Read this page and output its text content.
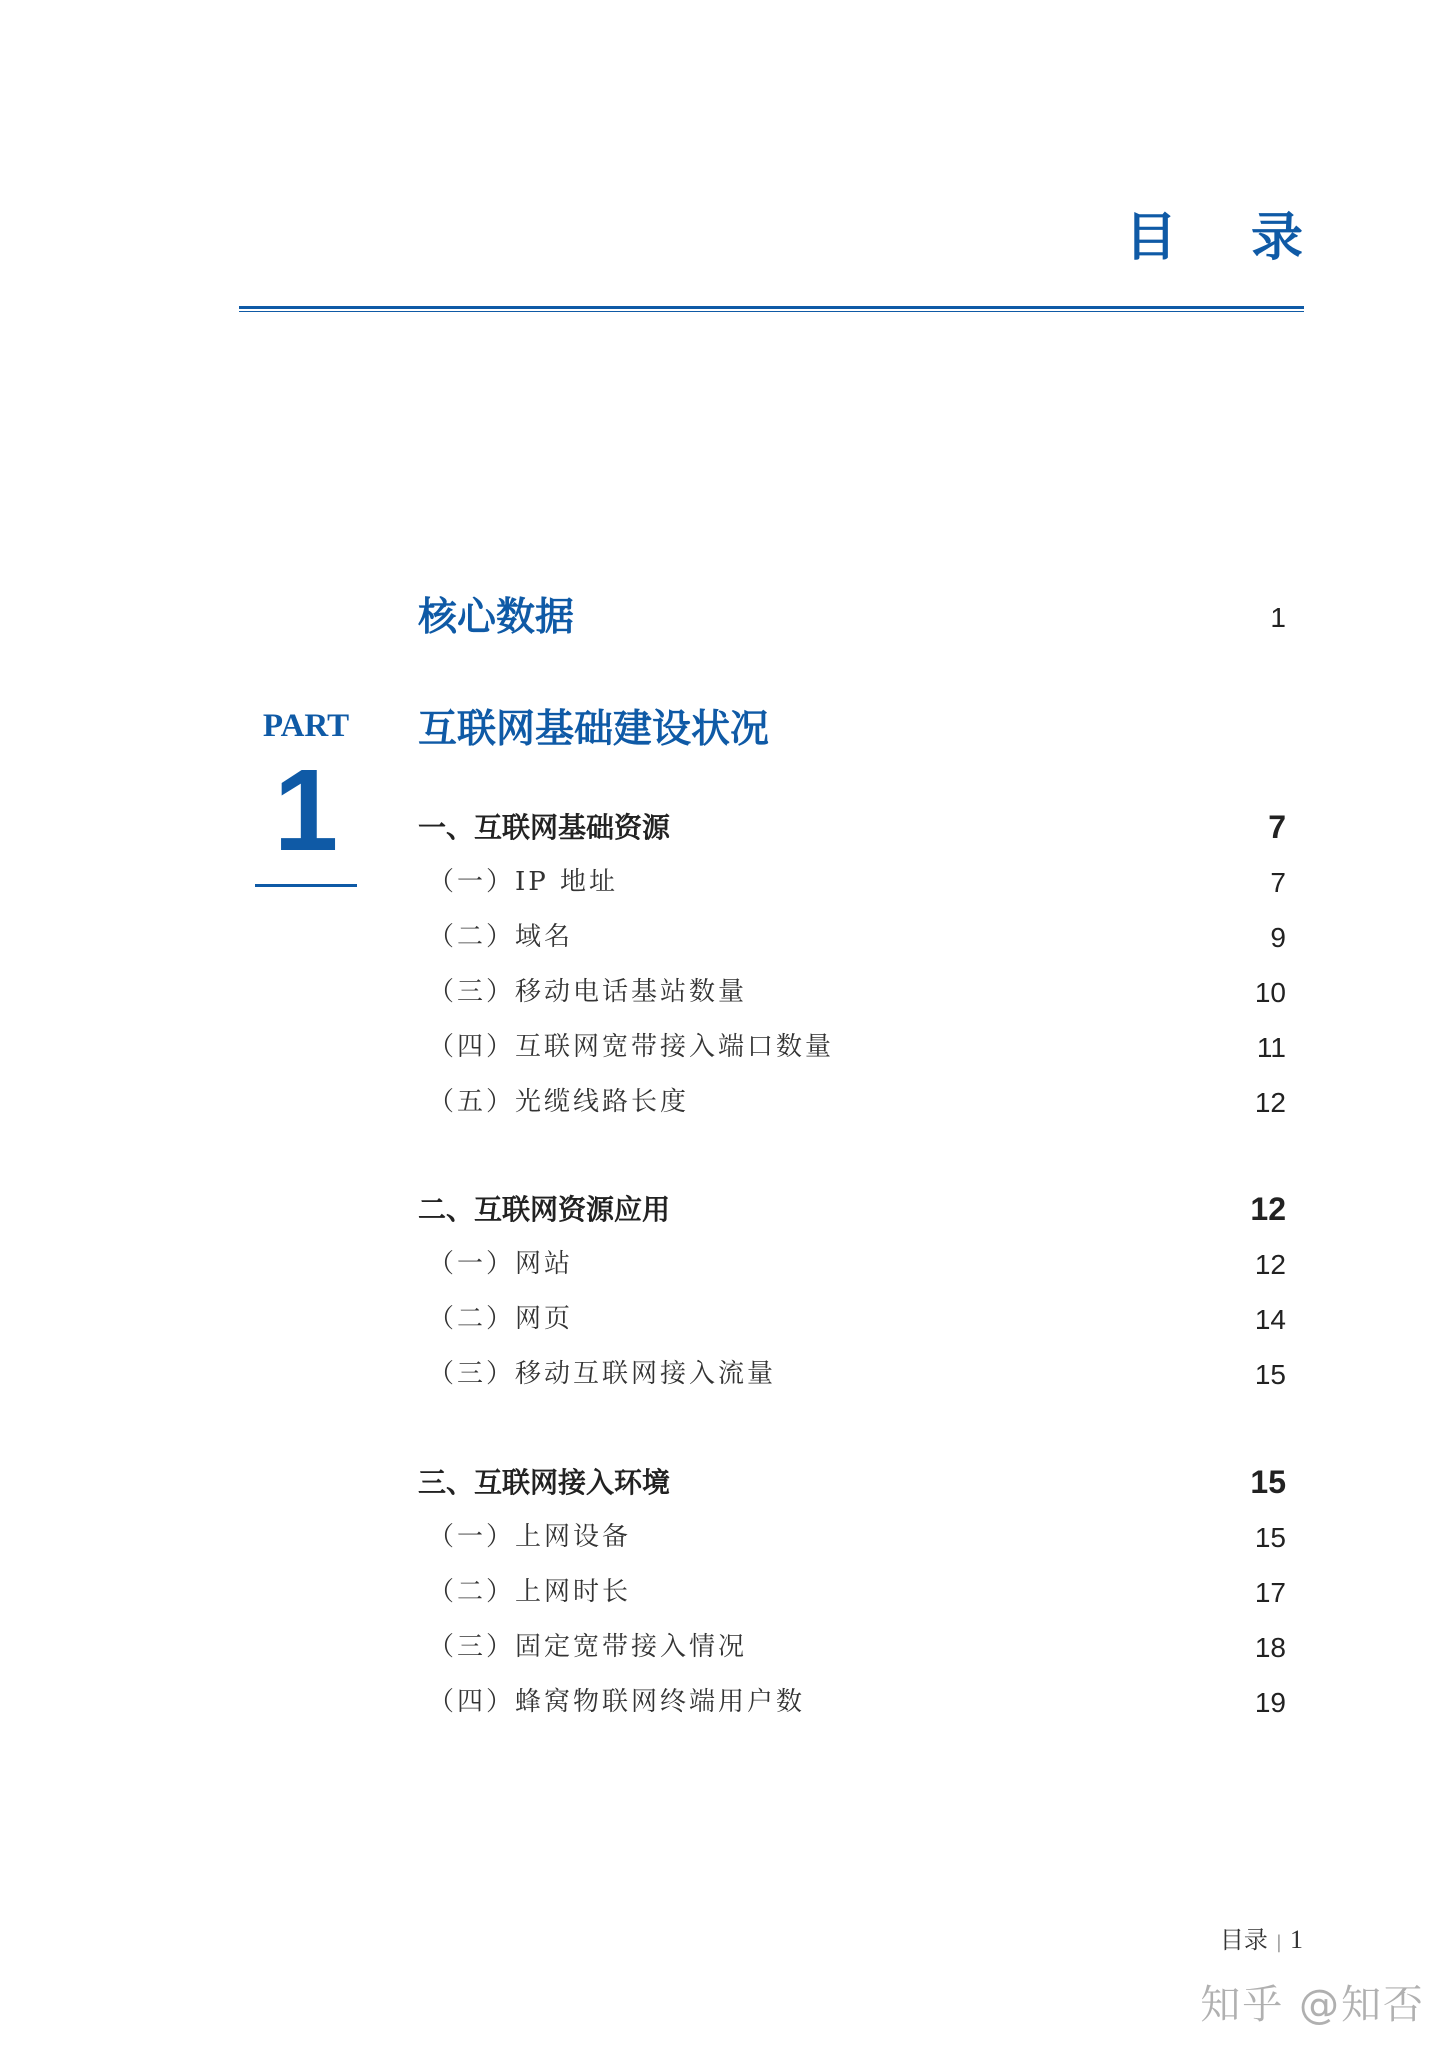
目 录
核心数据	1
PART
1
互联网基础建设状况
一、互联网基础资源	7
（一）IP 地址	7
（二）域名	9
（三）移动电话基站数量	10
（四）互联网宽带接入端口数量	11
（五）光缆线路长度	12
二、互联网资源应用	12
（一）网站	12
（二）网页	14
（三）移动互联网接入流量	15
三、互联网接入环境	15
（一）上网设备	15
（二）上网时长	17
（三）固定宽带接入情况	18
（四）蜂窝物联网终端用户数	19
目录 | 1
知乎 @知否
